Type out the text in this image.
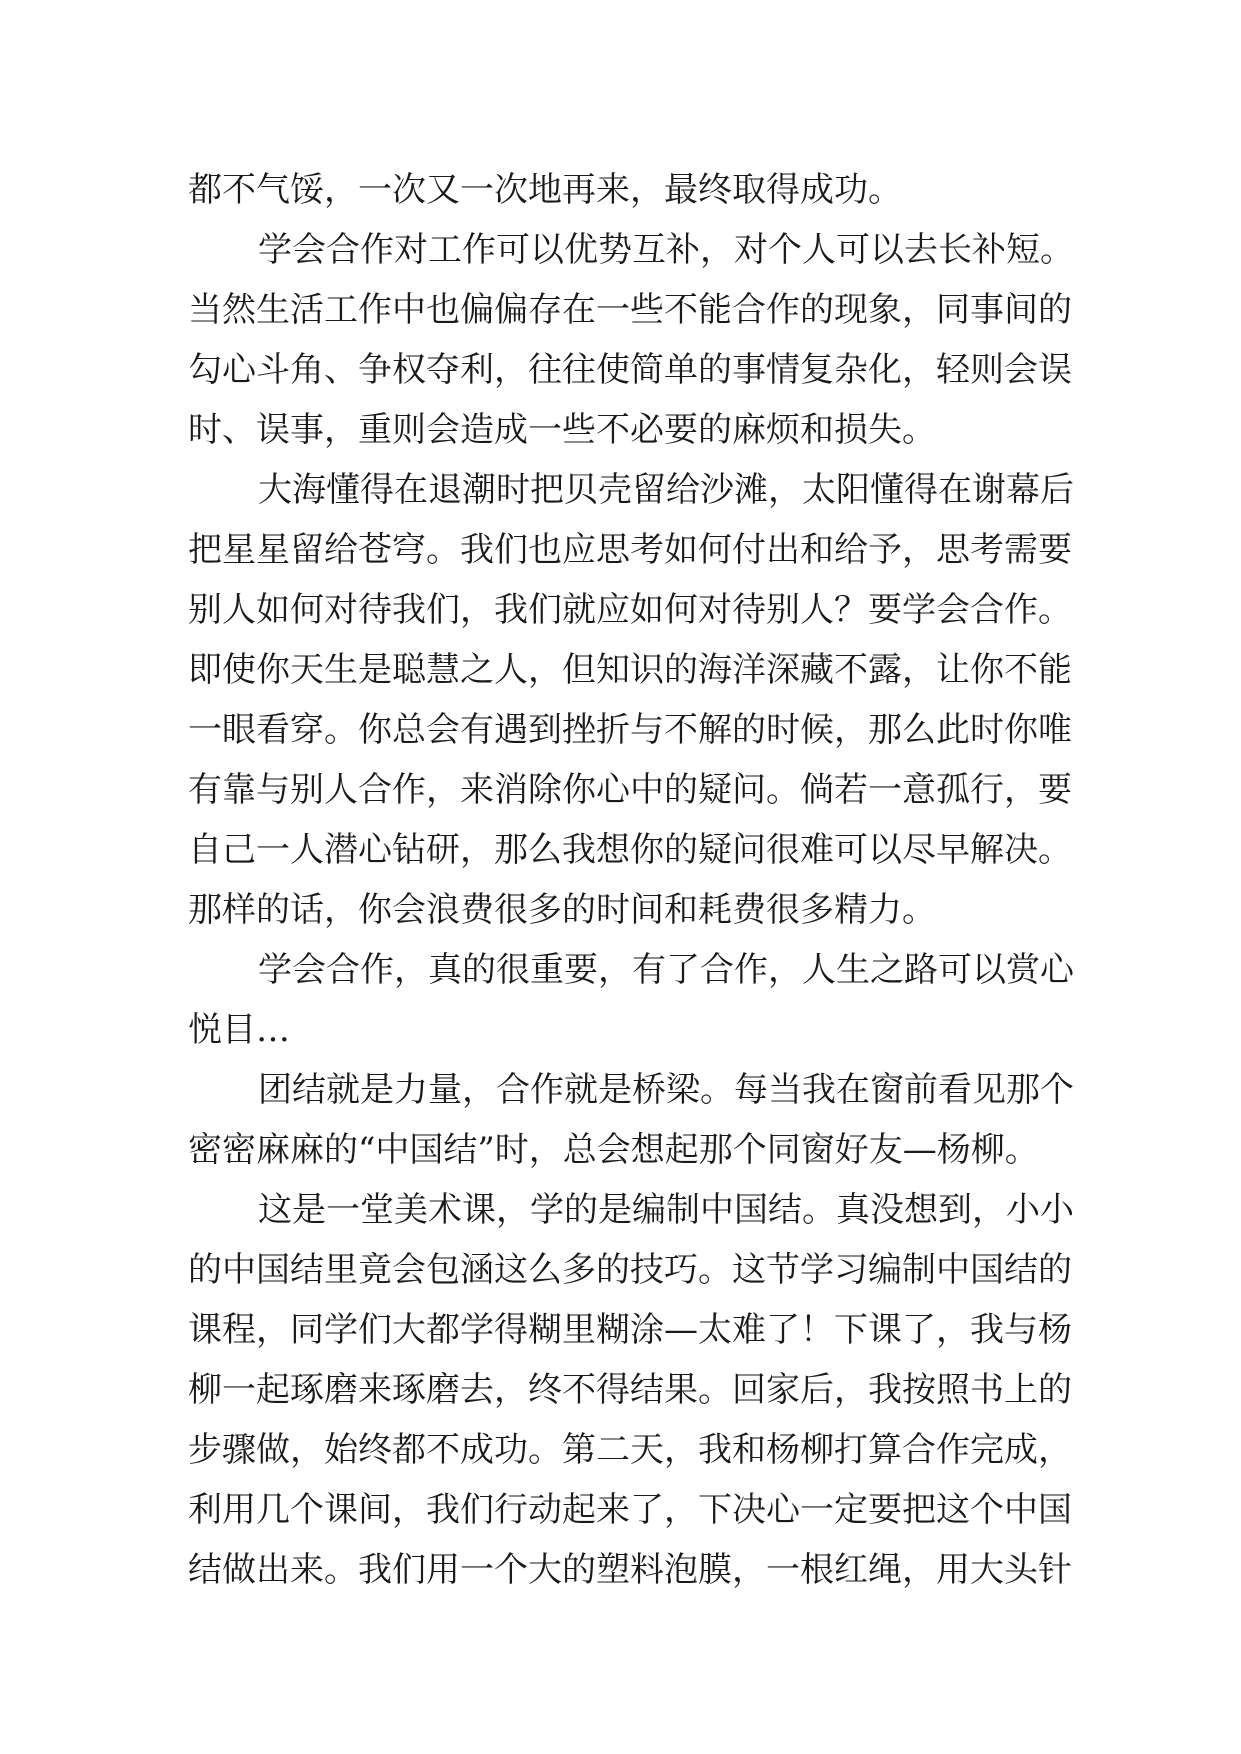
都不气馁，一次又一次地再来，最终取得成功。
学会合作对工作可以优势互补，对个人可以去长补短。
当然生活工作中也偏偏存在一些不能合作的现象，同事间的
勾心斗角、争权夺利，往往使简单的事情复杂化，轻则会误
时、误事，重则会造成一些不必要的麻烦和损失。
大海懂得在退潮时把贝壳留给沙滩，太阳懂得在谢幕后
把星星留给苍穹。我们也应思考如何付出和给予，思考需要
别人如何对待我们，我们就应如何对待别人？要学会合作。
即使你天生是聪慧之人，但知识的海洋深藏不露，让你不能
一眼看穿。你总会有遇到挫折与不解的时候，那么此时你唯
有靠与别人合作，来消除你心中的疑问。倘若一意孤行，要
自己一人潜心钻研，那么我想你的疑问很难可以尽早解决。
那样的话，你会浪费很多的时间和耗费很多精力。
学会合作，真的很重要，有了合作，人生之路可以赏心
悦目…
团结就是力量，合作就是桥梁。每当我在窗前看见那个
密密麻麻的“中国结”时，总会想起那个同窗好友—杨柳。
这是一堂美术课，学的是编制中国结。真没想到，小小
的中国结里竟会包涵这么多的技巧。这节学习编制中国结的
课程，同学们大都学得糊里糊涂—太难了！下课了，我与杨
柳一起琢磨来琢磨去，终不得结果。回家后，我按照书上的
步骤做，始终都不成功。第二天，我和杨柳打算合作完成，
利用几个课间，我们行动起来了，下决心一定要把这个中国
结做出来。我们用一个大的塑料泡膜，一根红绳，用大头针
